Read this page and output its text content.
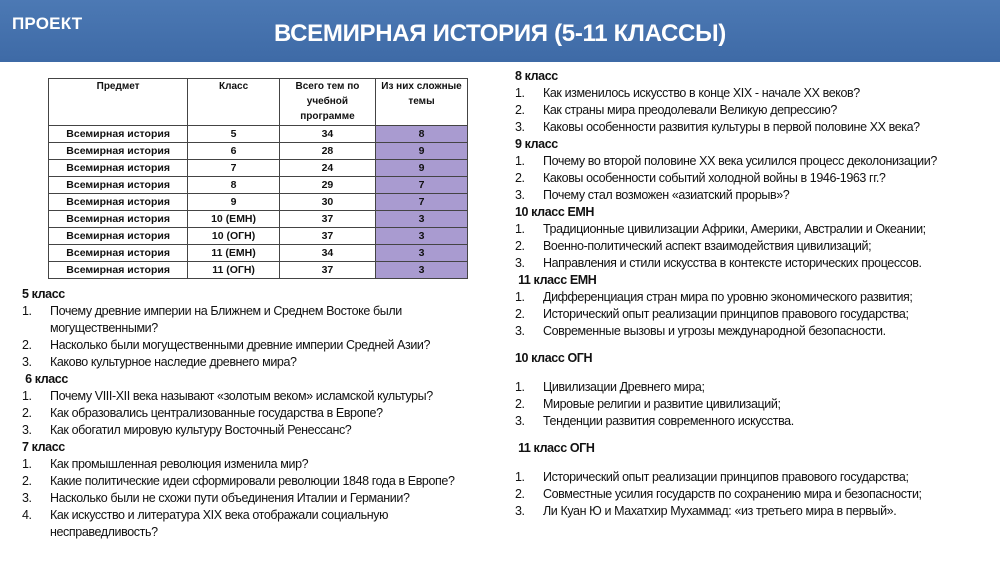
ПРОЕКТ	ВСЕМИРНАЯ ИСТОРИЯ (5-11 КЛАССЫ)
Предмет	Класс	Всего тем по учебной программе	Из них сложные темы
Всемирная история	5	34	8
Всемирная история	6	28	9
Всемирная история	7	24	9
Всемирная история	8	29	7
Всемирная история	9	30	7
Всемирная история	10 (ЕМН)	37	3
Всемирная история	10 (ОГН)	37	3
Всемирная история	11 (ЕМН)	34	3
Всемирная история	11 (ОГН)	37	3
5 класс
1. Почему древние империи на Ближнем и Среднем Востоке были могущественными?
2. Насколько были могущественными древние империи Средней Азии?
3. Каково культурное наследие древнего мира?
6 класс
1. Почему VIII-XII века называют «золотым веком» исламской культуры?
2. Как образовались централизованные государства в Европе?
3. Как обогатил мировую культуру Восточный Ренессанс?
7 класс
1. Как промышленная революция изменила мир?
2. Какие политические идеи сформировали революции 1848 года в Европе?
3. Насколько были не схожи пути объединения Италии и Германии?
4. Как искусство и литература XIX века отображали социальную несправедливость?
8 класс
1. Как изменилось искусство в конце XIX - начале XX веков?
2. Как страны мира преодолевали Великую депрессию?
3. Каковы особенности развития культуры в первой половине XX века?
9 класс
1. Почему во второй половине XX века усилился процесс деколонизации?
2. Каковы особенности событий холодной войны в 1946-1963 гг.?
3. Почему стал возможен «азиатский прорыв»?
10 класс ЕМН
1. Традиционные цивилизации Африки, Америки, Австралии и Океании;
2. Военно-политический аспект взаимодействия цивилизаций;
3. Направления и стили искусства в контексте исторических процессов.
11 класс ЕМН
1. Дифференциация стран мира по уровню экономического развития;
2. Исторический опыт реализации принципов правового государства;
3. Современные вызовы и угрозы международной безопасности.
10 класс ОГН
1. Цивилизации Древнего мира;
2. Мировые религии и развитие цивилизаций;
3. Тенденции развития современного искусства.
11 класс ОГН
1. Исторический опыт реализации принципов правового государства;
2. Совместные усилия государств по сохранению мира и безопасности;
3. Ли Куан Ю и Махатхир Мухаммад: «из третьего мира в первый».
